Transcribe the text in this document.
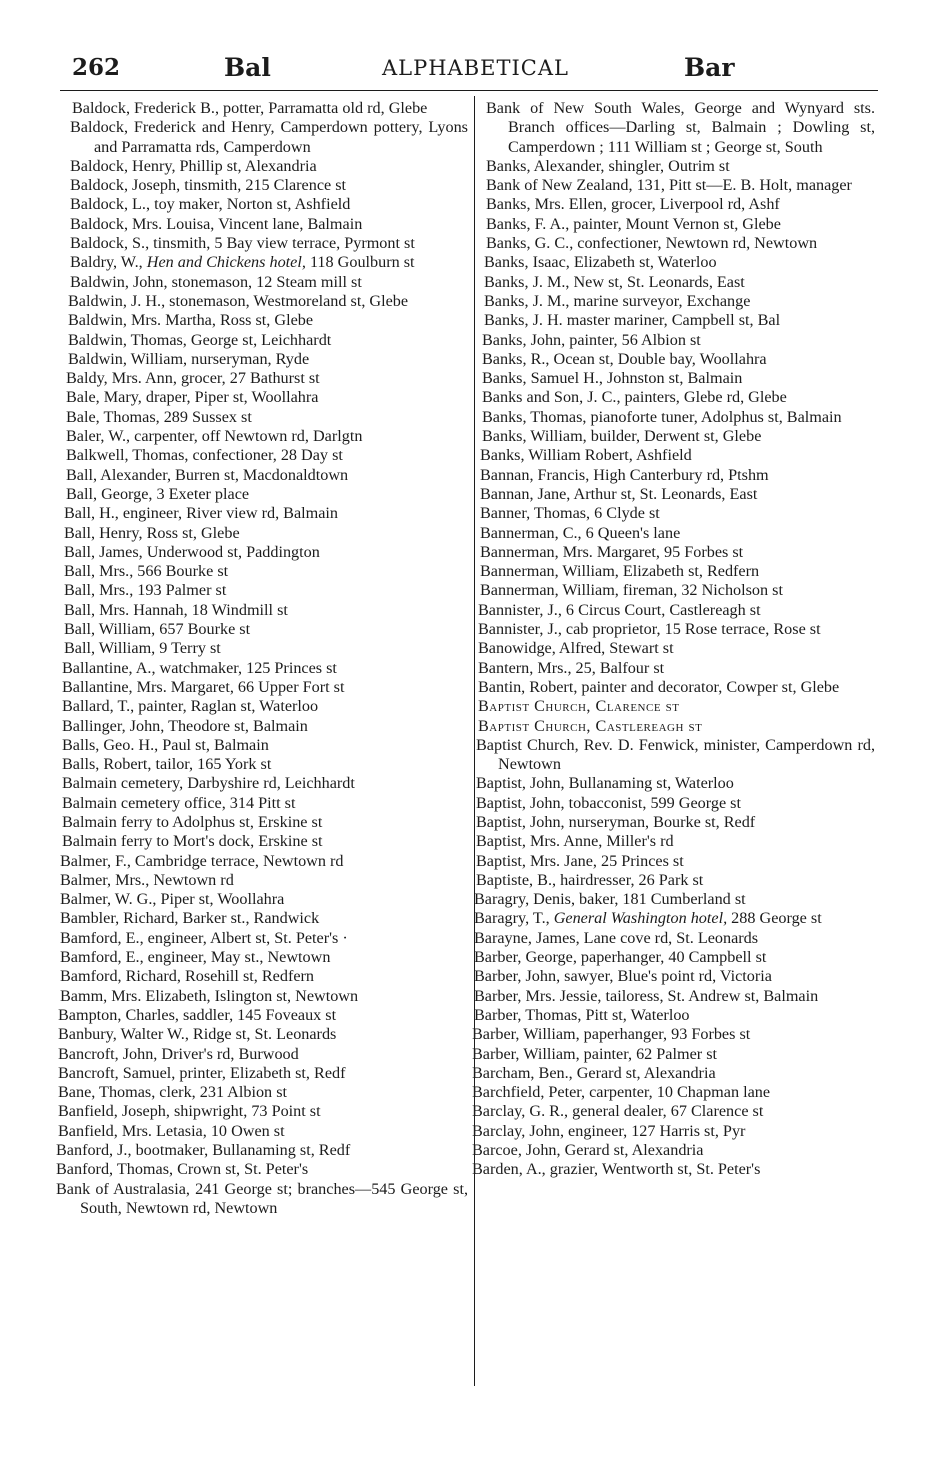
262	Bal	ALPHABETICAL	Bar

Baldock, Frederick B., potter, Parramatta old rd, Glebe

Baldock, Frederick and Henry, Camperdown pottery, Lyons and Parramatta rds, Camperdown

Baldock, Henry, Phillip st, Alexandria

Baldock, Joseph, tinsmith, 215 Clarence st

Baldock, L., toy maker, Norton st, Ashfield

Baldock, Mrs. Louisa, Vincent lane, Balmain

Baldock, S., tinsmith, 5 Bay view terrace, Pyrmont st

Baldry, W., Hen and Chickens hotel, 118 Goulburn st

Baldwin, John, stonemason, 12 Steam mill st

Baldwin, J. H., stonemason, Westmoreland st, Glebe

Baldwin, Mrs. Martha, Ross st, Glebe

Baldwin, Thomas, George st, Leichhardt

Baldwin, William, nurseryman, Ryde

Baldy, Mrs. Ann, grocer, 27 Bathurst st

Bale, Mary, draper, Piper st, Woollahra

Bale, Thomas, 289 Sussex st

Baler, W., carpenter, off Newtown rd, Darlgtn

Balkwell, Thomas, confectioner, 28 Day st

Ball, Alexander, Burren st, Macdonaldtown

Ball, George, 3 Exeter place

Ball, H., engineer, River view rd, Balmain

Ball, Henry, Ross st, Glebe

Ball, James, Underwood st, Paddington

Ball, Mrs., 566 Bourke st

Ball, Mrs., 193 Palmer st

Ball, Mrs. Hannah, 18 Windmill st

Ball, William, 657 Bourke st

Ball, William, 9 Terry st

Ballantine, A., watchmaker, 125 Princes st

Ballantine, Mrs. Margaret, 66 Upper Fort st

Ballard, T., painter, Raglan st, Waterloo

Ballinger, John, Theodore st, Balmain

Balls, Geo. H., Paul st, Balmain

Balls, Robert, tailor, 165 York st

Balmain cemetery, Darbyshire rd, Leichhardt

Balmain cemetery office, 314 Pitt st

Balmain ferry to Adolphus st, Erskine st

Balmain ferry to Mort's dock, Erskine st

Balmer, F., Cambridge terrace, Newtown rd

Balmer, Mrs., Newtown rd

Balmer, W. G., Piper st, Woollahra

Bambler, Richard, Barker st., Randwick

Bamford, E., engineer, Albert st, St. Peter's ·

Bamford, E., engineer, May st., Newtown

Bamford, Richard, Rosehill st, Redfern

Bamm, Mrs. Elizabeth, Islington st, Newtown

Bampton, Charles, saddler, 145 Foveaux st

Banbury, Walter W., Ridge st, St. Leonards

Bancroft, John, Driver's rd, Burwood

Bancroft, Samuel, printer, Elizabeth st, Redf

Bane, Thomas, clerk, 231 Albion st

Banfield, Joseph, shipwright, 73 Point st

Banfield, Mrs. Letasia, 10 Owen st

Banford, J., bootmaker, Bullanaming st, Redf

Banford, Thomas, Crown st, St. Peter's

Bank of Australasia, 241 George st; branches—545 George st, South, Newtown rd, Newtown

Bank of New South Wales, George and Wynyard sts. Branch offices—Darling st, Balmain ; Dowling st, Camperdown ; 111 William st ; George st, South

Banks, Alexander, shingler, Outrim st

Bank of New Zealand, 131, Pitt st—E. B. Holt, manager

Banks, Mrs. Ellen, grocer, Liverpool rd, Ashf

Banks, F. A., painter, Mount Vernon st, Glebe

Banks, G. C., confectioner, Newtown rd, Newtown

Banks, Isaac, Elizabeth st, Waterloo

Banks, J. M., New st, St. Leonards, East

Banks, J. M., marine surveyor, Exchange

Banks, J. H. master mariner, Campbell st, Bal

Banks, John, painter, 56 Albion st

Banks, R., Ocean st, Double bay, Woollahra

Banks, Samuel H., Johnston st, Balmain

Banks and Son, J. C., painters, Glebe rd, Glebe

Banks, Thomas, pianoforte tuner, Adolphus st, Balmain

Banks, William, builder, Derwent st, Glebe

Banks, William Robert, Ashfield

Bannan, Francis, High Canterbury rd, Ptshm

Bannan, Jane, Arthur st, St. Leonards, East

Banner, Thomas, 6 Clyde st

Bannerman, C., 6 Queen's lane

Bannerman, Mrs. Margaret, 95 Forbes st

Bannerman, William, Elizabeth st, Redfern

Bannerman, William, fireman, 32 Nicholson st

Bannister, J., 6 Circus Court, Castlereagh st

Bannister, J., cab proprietor, 15 Rose terrace, Rose st

Banowidge, Alfred, Stewart st

Bantern, Mrs., 25, Balfour st

Bantin, Robert, painter and decorator, Cowper st, Glebe

Baptist Church, Clarence st

Baptist Church, Castlereagh st

Baptist Church, Rev. D. Fenwick, minister, Camperdown rd, Newtown

Baptist, John, Bullanaming st, Waterloo

Baptist, John, tobacconist, 599 George st

Baptist, John, nurseryman, Bourke st, Redf

Baptist, Mrs. Anne, Miller's rd

Baptist, Mrs. Jane, 25 Princes st

Baptiste, B., hairdresser, 26 Park st

Baragry, Denis, baker, 181 Cumberland st

Baragry, T., General Washington hotel, 288 George st

Barayne, James, Lane cove rd, St. Leonards

Barber, George, paperhanger, 40 Campbell st

Barber, John, sawyer, Blue's point rd, Victoria

Barber, Mrs. Jessie, tailoress, St. Andrew st, Balmain

Barber, Thomas, Pitt st, Waterloo

Barber, William, paperhanger, 93 Forbes st

Barber, William, painter, 62 Palmer st

Barcham, Ben., Gerard st, Alexandria

Barchfield, Peter, carpenter, 10 Chapman lane

Barclay, G. R., general dealer, 67 Clarence st

Barclay, John, engineer, 127 Harris st, Pyr

Barcoe, John, Gerard st, Alexandria

Barden, A., grazier, Wentworth st, St. Peter's
